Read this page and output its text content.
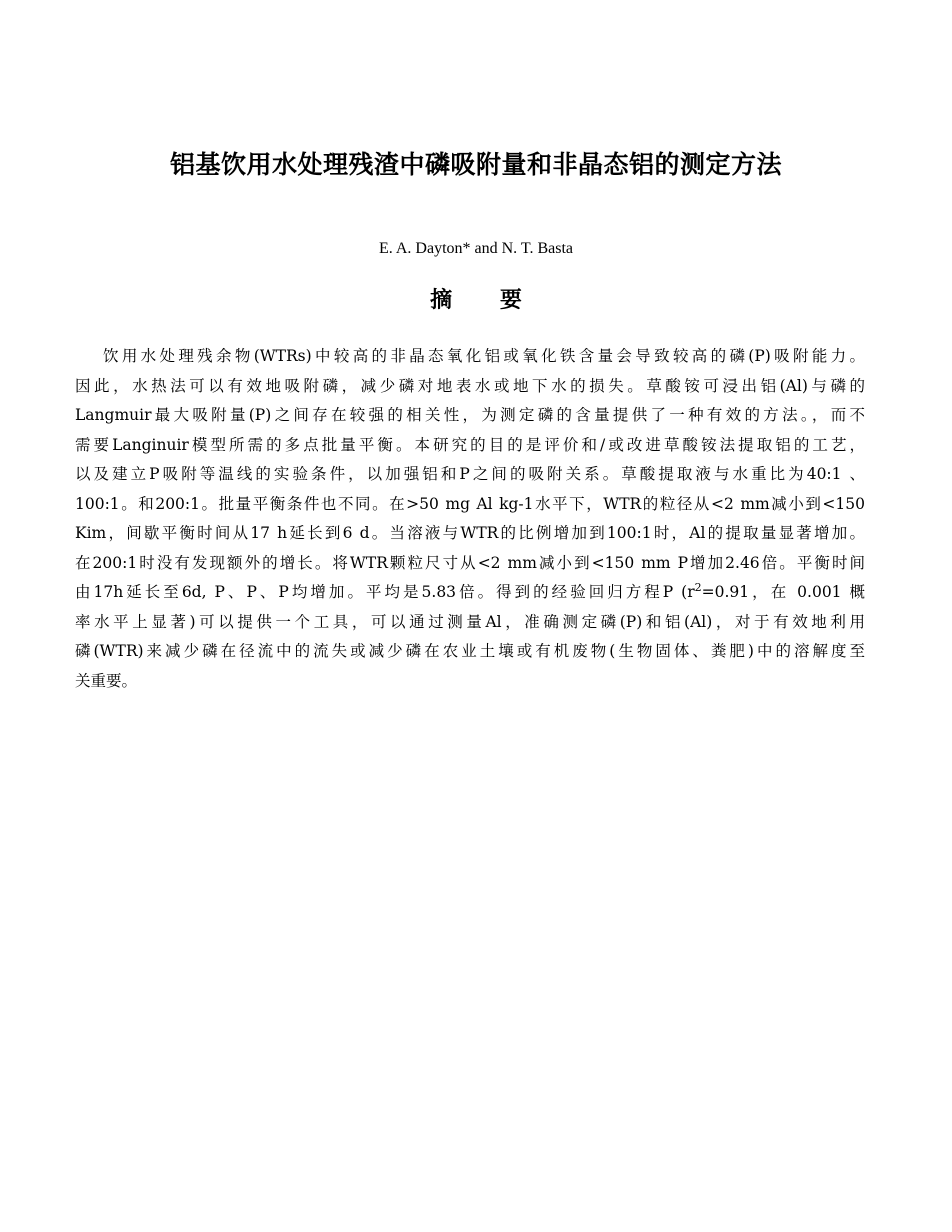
铝基饮用水处理残渣中磷吸附量和非晶态铝的测定方法

E. A. Dayton* and N. T. Basta

摘 要
饮用水处理残余物(WTRs)中较高的非晶态氧化铝或氧化铁含量会导致较高的磷(P)吸附能力。
因此，水热法可以有效地吸附磷，减少磷对地表水或地下水的损失。草酸铵可浸出铝(Al)与磷的
Langmuir最大吸附量(P)之间存在较强的相关性，为测定磷的含量提供了一种有效的方法。，而不
需要Langinuir模型所需的多点批量平衡。本研究的目的是评价和/或改进草酸铵法提取铝的工艺，
以及建立P吸附等温线的实验条件，以加强铝和P之间的吸附关系。草酸提取液与水重比为40:1 、
100:1。和200:1。批量平衡条件也不同。在>50 mg Al kg-1水平下，WTR的粒径从<2 mm减小到<150
Kim，间歇平衡时间从17 h延长到6 d。当溶液与WTR的比例增加到100:1时，Al的提取量显著增加。
在200:1时没有发现额外的增长。将WTR颗粒尺寸从<2 mm减小到<150 mm P增加2.46倍。平衡时间
由17h延长至6d, P、P、P均增加。平均是5.83倍。得到的经验回归方程P ($r^2=0.91$，在 0.001 概
率水平上显著)可以提供一个工具，可以通过测量Al，准确测定磷(P)和铝(Al)，对于有效地利用
磷(WTR)来减少磷在径流中的流失或减少磷在农业土壤或有机废物(生物固体、粪肥)中的溶解度至
关重要。
